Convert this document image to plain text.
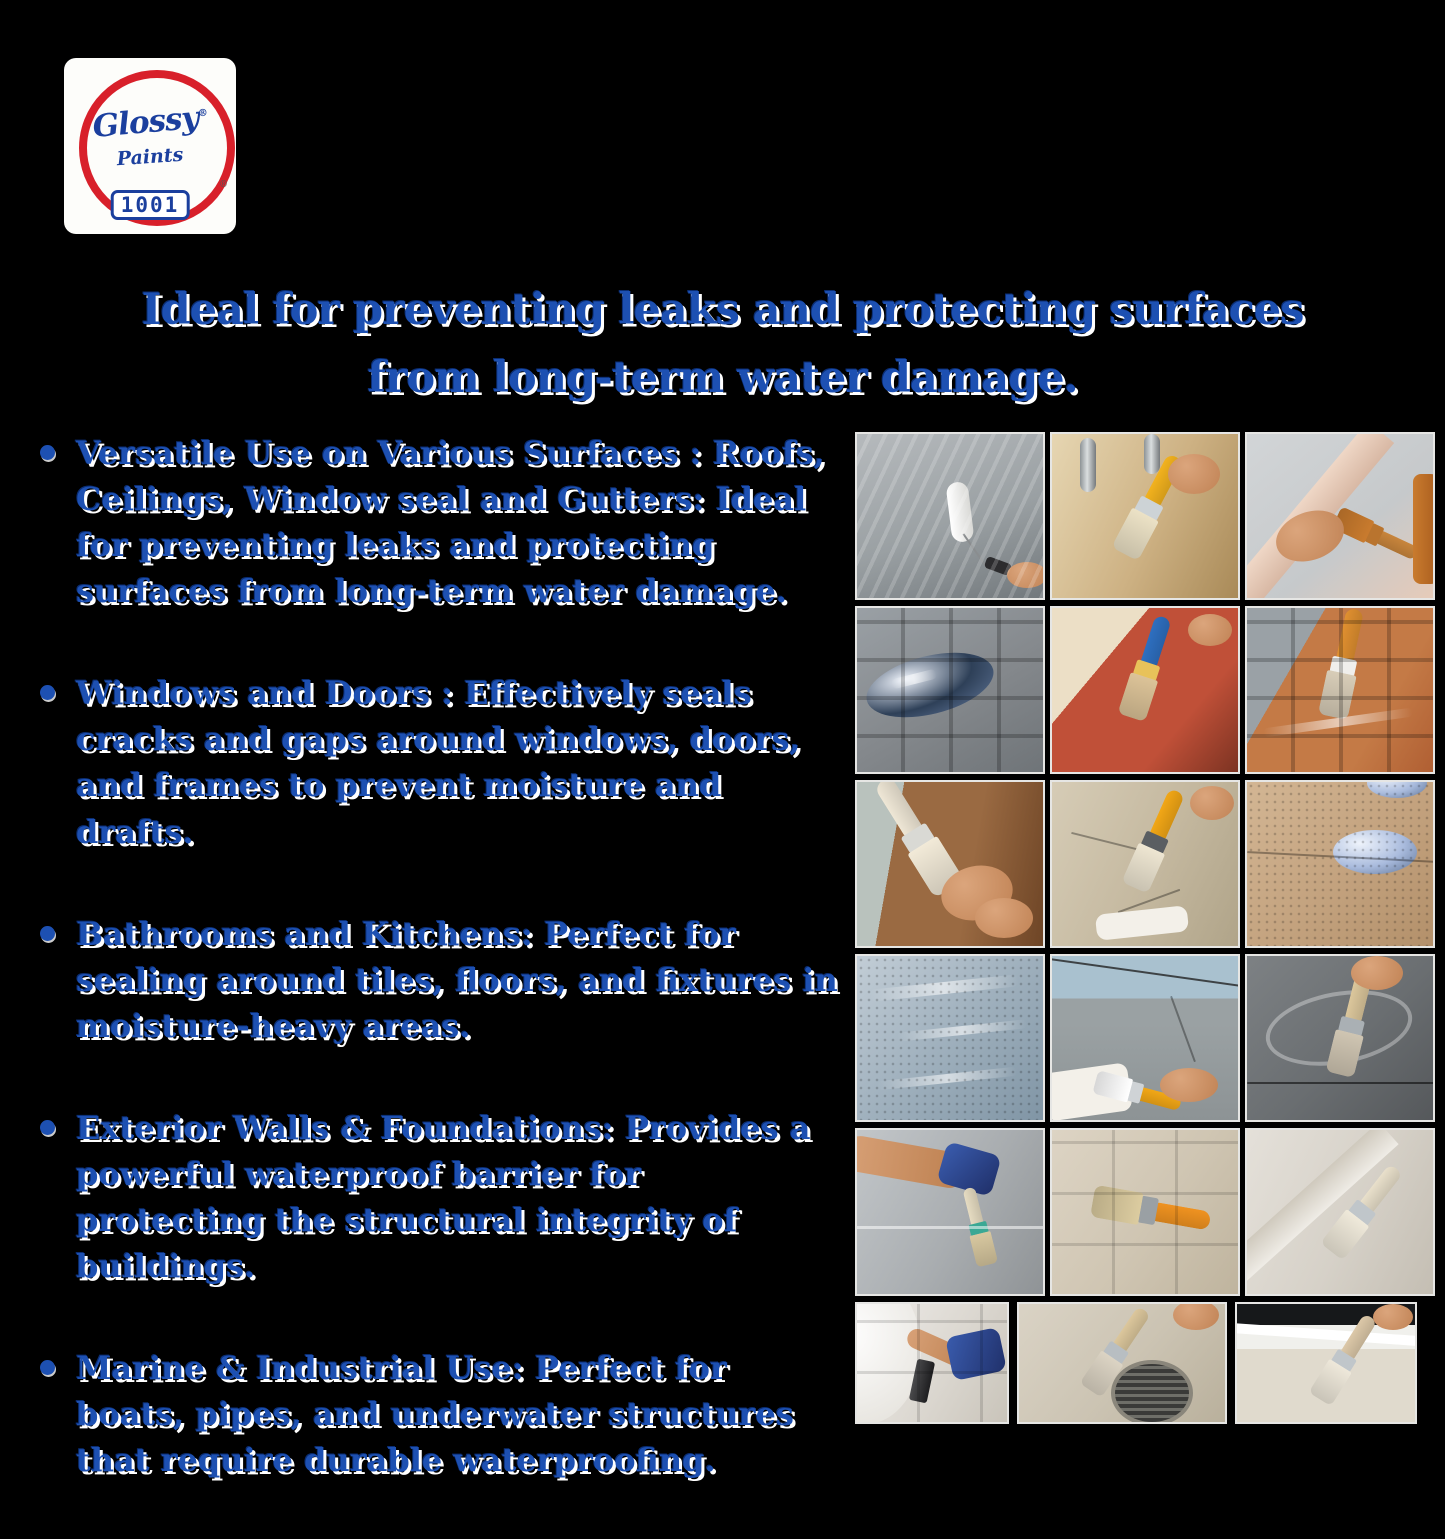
Glossy®
Paints
®
1001
Ideal for preventing leaks and protecting surfaces
from long-term water damage.
Versatile Use on Various Surfaces : Roofs, Ceilings, Window seal and Gutters: Ideal for preventing leaks and protecting surfaces from long-term water damage.
Windows and Doors : Effectively seals cracks and gaps around windows, doors, and frames to prevent moisture and drafts.
Bathrooms and Kitchens: Perfect for sealing around tiles, floors, and fixtures in moisture-heavy areas.
Exterior Walls & Foundations: Provides a powerful waterproof barrier for protecting the structural integrity of buildings.
Marine & Industrial Use: Perfect for boats, pipes, and underwater structures that require durable waterproofing.
